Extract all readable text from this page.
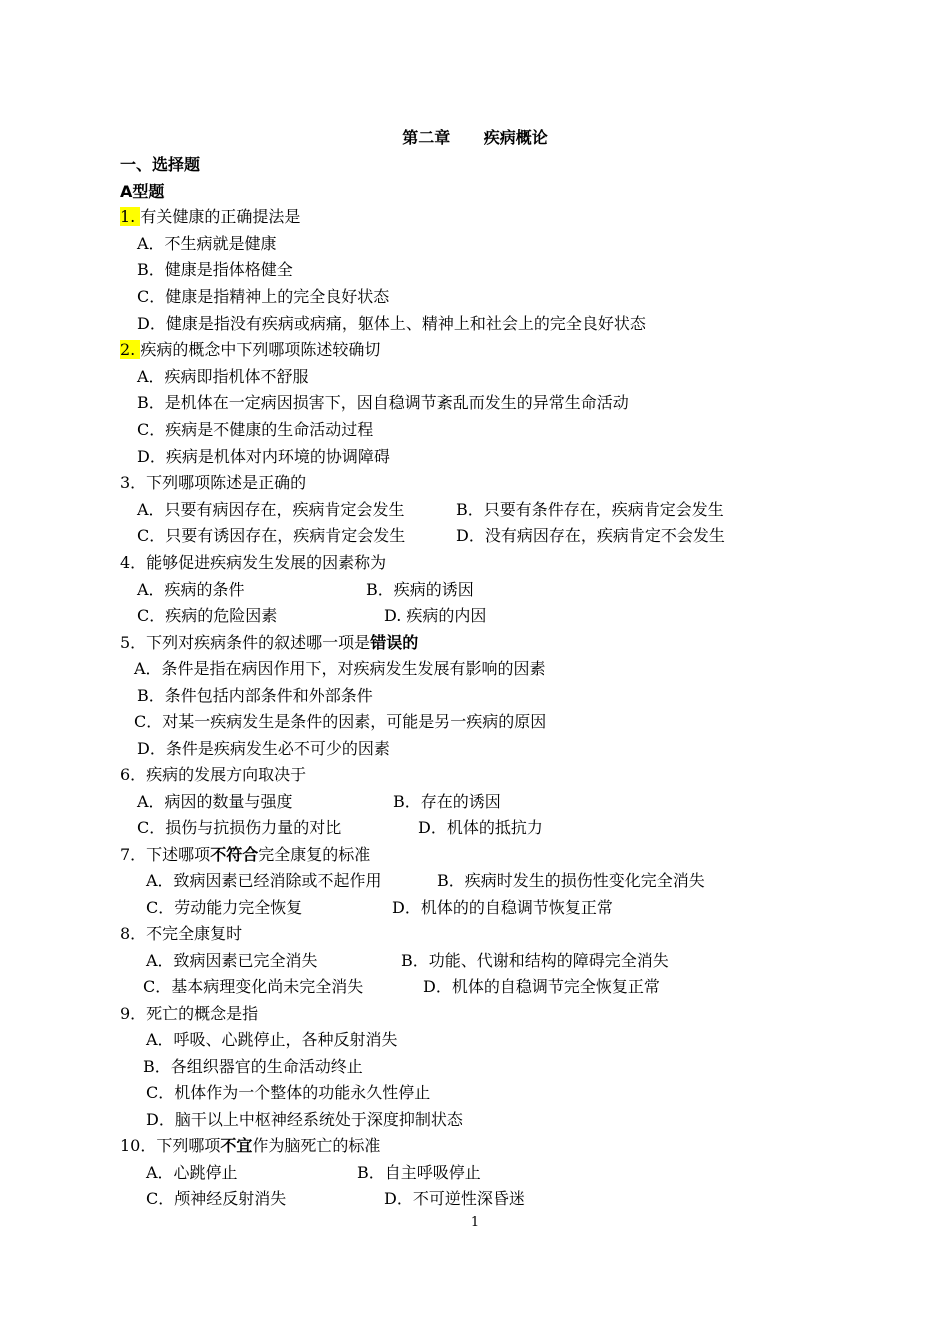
第二章      疾病概论
一、选择题
A型题
1. 有关健康的正确提法是
A．不生病就是健康
B．健康是指体格健全
C．健康是指精神上的完全良好状态
D．健康是指没有疾病或病痛，躯体上、精神上和社会上的完全良好状态
2. 疾病的概念中下列哪项陈述较确切
A．疾病即指机体不舒服
B．是机体在一定病因损害下，因自稳调节紊乱而发生的异常生命活动
C．疾病是不健康的生命活动过程
D．疾病是机体对内环境的协调障碍
3．下列哪项陈述是正确的
A．只要有病因存在，疾病肯定会发生	B．只要有条件存在，疾病肯定会发生
C．只要有诱因存在，疾病肯定会发生	D．没有病因存在，疾病肯定不会发生
4．能够促进疾病发生发展的因素称为
A．疾病的条件	B．疾病的诱因
C．疾病的危险因素	D. 疾病的内因
5．下列对疾病条件的叙述哪一项是错误的
A．条件是指在病因作用下，对疾病发生发展有影响的因素
B．条件包括内部条件和外部条件
C．对某一疾病发生是条件的因素，可能是另一疾病的原因
D．条件是疾病发生必不可少的因素
6．疾病的发展方向取决于
A．病因的数量与强度	B．存在的诱因
C．损伤与抗损伤力量的对比	D．机体的抵抗力
7．下述哪项不符合完全康复的标准
A．致病因素已经消除或不起作用	B．疾病时发生的损伤性变化完全消失
C．劳动能力完全恢复	D．机体的的自稳调节恢复正常
8．不完全康复时
A．致病因素已完全消失	B．功能、代谢和结构的障碍完全消失
C．基本病理变化尚未完全消失	D．机体的自稳调节完全恢复正常
9．死亡的概念是指
A．呼吸、心跳停止，各种反射消失
B．各组织器官的生命活动终止
C．机体作为一个整体的功能永久性停止
D．脑干以上中枢神经系统处于深度抑制状态
10．下列哪项不宜作为脑死亡的标准
A．心跳停止	B．自主呼吸停止
C．颅神经反射消失	D．不可逆性深昏迷
1
